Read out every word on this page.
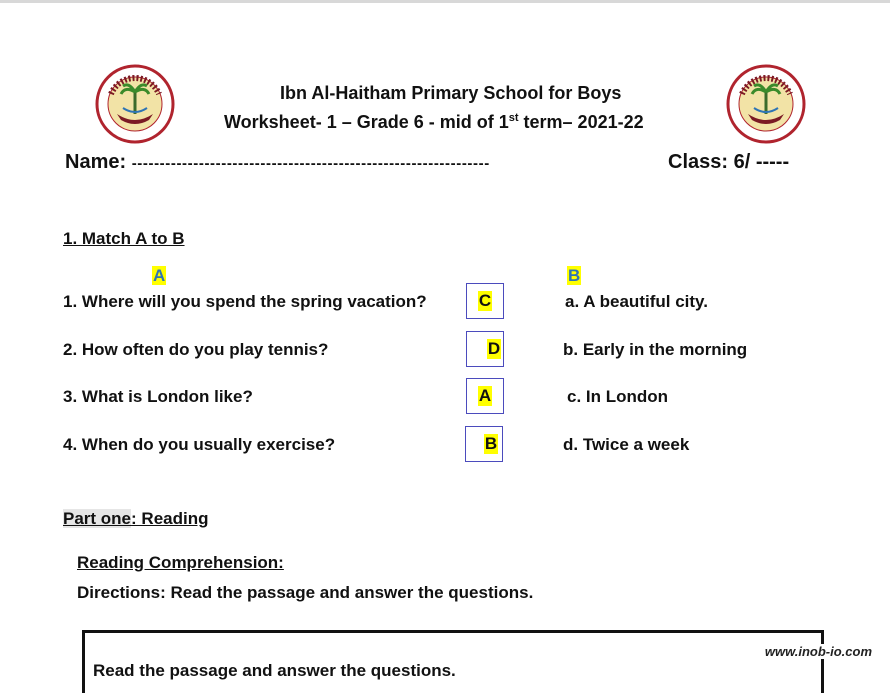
Ibn Al-Haitham Primary School for Boys
Worksheet- 1 – Grade 6 - mid of 1st term– 2021-22
Name: ----------------------------------------------------------------	Class: 6/ -----
1. Match A to B
A	B
1. Where will you spend the spring vacation?	C	a. A beautiful city.
2. How often do you play tennis?	D	b. Early in the morning
3. What is London like?	A	c. In London
4. When do you usually exercise?	B	d. Twice a week
Part one: Reading
Reading Comprehension:
Directions: Read the passage and answer the questions.
Read the passage and answer the questions.
www.inob-io.com
